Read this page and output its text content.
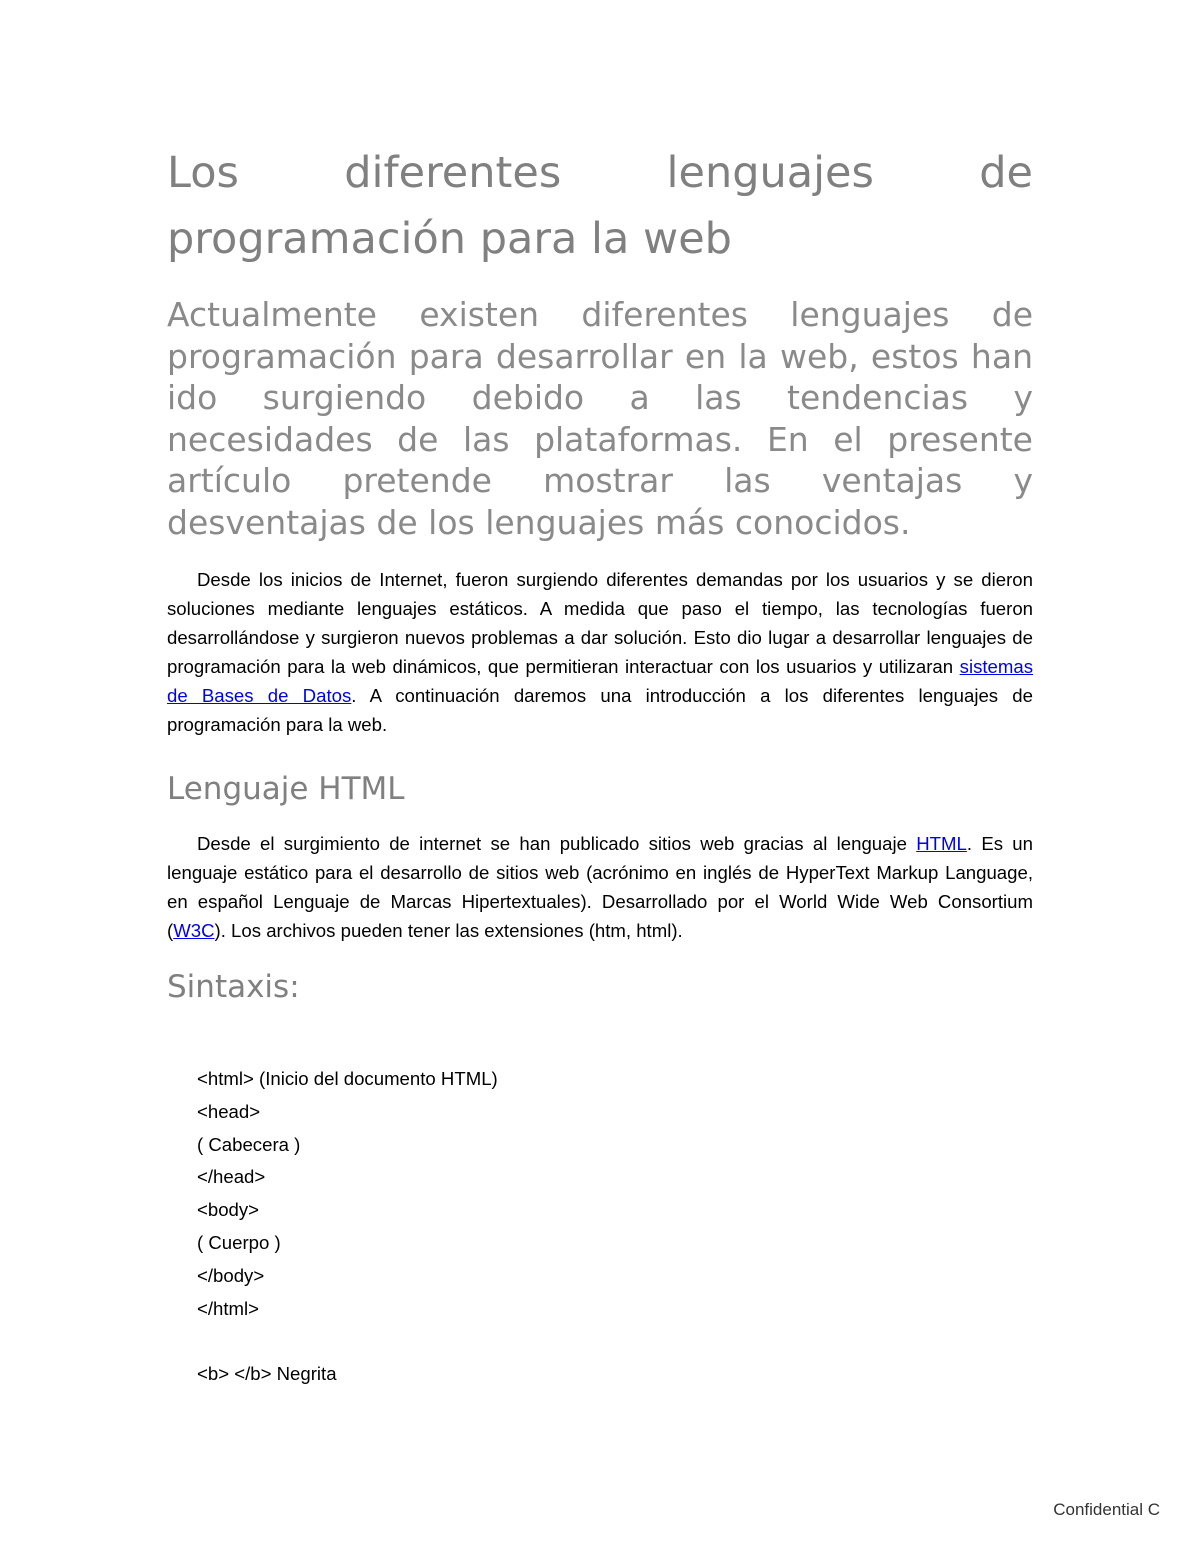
Los diferentes lenguajes de programación para la web

Actualmente existen diferentes lenguajes de programación para desarrollar en la web, estos han ido surgiendo debido a las tendencias y necesidades de las plataformas. En el presente artículo pretende mostrar las ventajas y desventajas de los lenguajes más conocidos.

Desde los inicios de Internet, fueron surgiendo diferentes demandas por los usuarios y se dieron soluciones mediante lenguajes estáticos. A medida que paso el tiempo, las tecnologías fueron desarrollándose y surgieron nuevos problemas a dar solución. Esto dio lugar a desarrollar lenguajes de programación para la web dinámicos, que permitieran interactuar con los usuarios y utilizaran sistemas de Bases de Datos. A continuación daremos una introducción a los diferentes lenguajes de programación para la web.

Lenguaje HTML

Desde el surgimiento de internet se han publicado sitios web gracias al lenguaje HTML. Es un lenguaje estático para el desarrollo de sitios web (acrónimo en inglés de HyperText Markup Language, en español Lenguaje de Marcas Hipertextuales). Desarrollado por el World Wide Web Consortium (W3C). Los archivos pueden tener las extensiones (htm, html).

Sintaxis:
<html> (Inicio del documento HTML)
<head>
( Cabecera )
</head>
<body>
( Cuerpo )
</body>
</html>
<b> </b> Negrita
Confidential C
